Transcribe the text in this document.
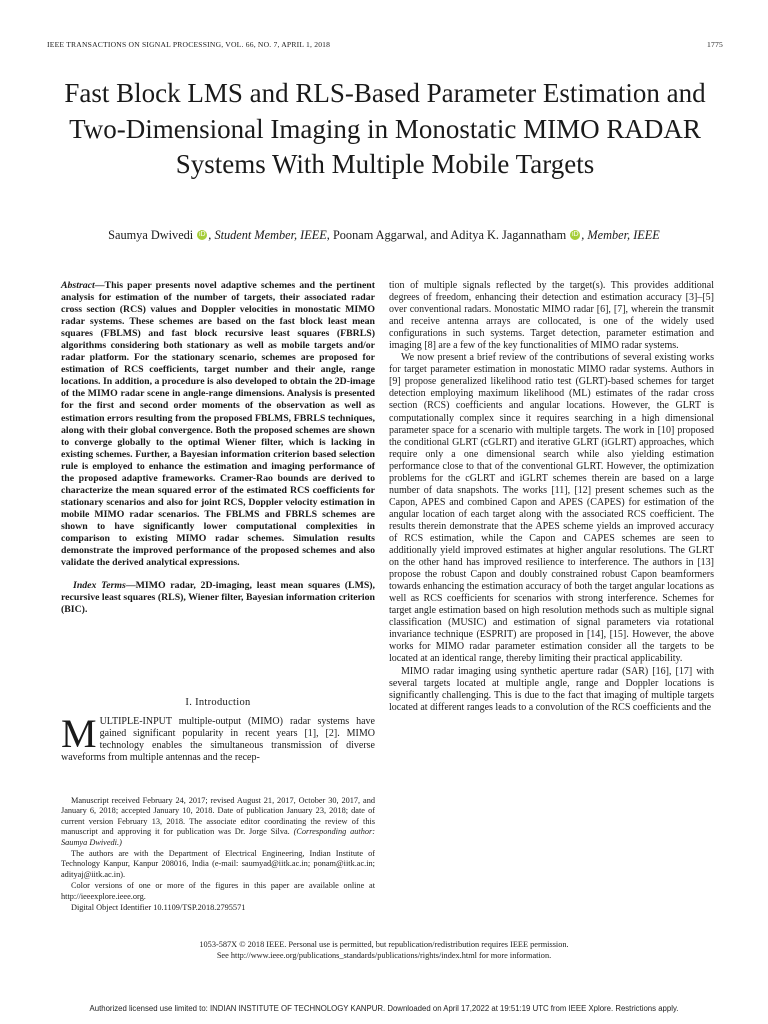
IEEE TRANSACTIONS ON SIGNAL PROCESSING, VOL. 66, NO. 7, APRIL 1, 2018	1775
Fast Block LMS and RLS-Based Parameter Estimation and Two-Dimensional Imaging in Monostatic MIMO RADAR Systems With Multiple Mobile Targets
Saumya Dwivedi iD , Student Member, IEEE, Poonam Aggarwal, and Aditya K. Jagannatham iD , Member, IEEE

Abstract—This paper presents novel adaptive schemes and the pertinent analysis for estimation of the number of targets, their associated radar cross section (RCS) values and Doppler velocities in monostatic MIMO radar systems. These schemes are based on the fast block least mean squares (FBLMS) and fast block recursive least squares (FBRLS) algorithms considering both stationary as well as mobile targets and/or radar platform. For the stationary scenario, schemes are proposed for estimation of RCS coefficients, target number and their angle, range locations. In addition, a procedure is also developed to obtain the 2D-image of the MIMO radar scene in angle-range dimensions. Analysis is presented for the first and second order moments of the observation as well as estimation errors resulting from the proposed FBLMS, FBRLS techniques, along with their global convergence. Both the proposed schemes are shown to converge globally to the optimal Wiener filter, which is lacking in existing schemes. Further, a Bayesian information criterion based selection rule is employed to enhance the estimation and imaging performance of the proposed adaptive frameworks. Cramer-Rao bounds are derived to characterize the mean squared error of the estimated RCS coefficients for stationary scenarios and also for joint RCS, Doppler velocity estimation in mobile MIMO radar scenarios. The FBLMS and FBRLS schemes are shown to have significantly lower computational complexities in comparison to existing MIMO radar schemes. Simulation results demonstrate the improved performance of the proposed schemes and also validate the derived analytical expressions.

Index Terms—MIMO radar, 2D-imaging, least mean squares (LMS), recursive least squares (RLS), Wiener filter, Bayesian information criterion (BIC).

I. Introduction
MULTIPLE-INPUT multiple-output (MIMO) radar systems have gained significant popularity in recent years [1], [2]. MIMO technology enables the simultaneous transmission of diverse waveforms from multiple antennas and the recep-

Manuscript received February 24, 2017; revised August 21, 2017, October 30, 2017, and January 6, 2018; accepted January 10, 2018. Date of publication January 23, 2018; date of current version February 13, 2018. The associate editor coordinating the review of this manuscript and approving it for publication was Dr. Jorge Silva. (Corresponding author: Saumya Dwivedi.)

The authors are with the Department of Electrical Engineering, Indian Institute of Technology Kanpur, Kanpur 208016, India (e-mail: saumyad@iitk.ac.in; ponam@iitk.ac.in; adityaj@iitk.ac.in).

Color versions of one or more of the figures in this paper are available online at http://ieeexplore.ieee.org.

Digital Object Identifier 10.1109/TSP.2018.2795571

tion of multiple signals reflected by the target(s). This provides additional degrees of freedom, enhancing their detection and estimation accuracy [3]–[5] over conventional radars. Monostatic MIMO radar [6], [7], wherein the transmit and receive antenna arrays are collocated, is one of the widely used configurations in such systems. Target detection, parameter estimation and imaging [8] are a few of the key functionalities of MIMO radar systems.

We now present a brief review of the contributions of several existing works for target parameter estimation in monostatic MIMO radar systems. Authors in [9] propose generalized likelihood ratio test (GLRT)-based schemes for target detection employing maximum likelihood (ML) estimates of the radar cross section (RCS) coefficients and angular locations. However, the GLRT is computationally complex since it requires searching in a high dimensional parameter space for a scenario with multiple targets. The work in [10] proposed the conditional GLRT (cGLRT) and iterative GLRT (iGLRT) approaches, which require only a one dimensional search while also yielding estimation performance close to that of the conventional GLRT. However, the optimization problems for the cGLRT and iGLRT schemes therein are based on a large number of data snapshots. The works [11], [12] present schemes such as the Capon, APES and combined Capon and APES (CAPES) for estimation of the angular location of each target along with the associated RCS coefficient. The results therein demonstrate that the APES scheme yields an improved accuracy of RCS estimation, while the Capon and CAPES schemes are seen to additionally yield improved estimates at higher angular resolutions. The GLRT on the other hand has improved resilience to interference. The authors in [13] propose the robust Capon and doubly constrained robust Capon beamformers towards enhancing the estimation accuracy of both the target angular locations as well as RCS coefficients for scenarios with strong interference. Schemes for target angle estimation based on high resolution methods such as multiple signal classification (MUSIC) and estimation of signal parameters via rotational invariance technique (ESPRIT) are proposed in [14], [15]. However, the above works for MIMO radar parameter estimation consider all the targets to be located at an identical range, thereby limiting their practical applicability.

MIMO radar imaging using synthetic aperture radar (SAR) [16], [17] with several targets located at multiple angle, range and Doppler locations is significantly challenging. This is due to the fact that imaging of multiple targets located at different ranges leads to a convolution of the RCS coefficients and the

1053-587X © 2018 IEEE. Personal use is permitted, but republication/redistribution requires IEEE permission.
See http://www.ieee.org/publications_standards/publications/rights/index.html for more information.
Authorized licensed use limited to: INDIAN INSTITUTE OF TECHNOLOGY KANPUR. Downloaded on April 17,2022 at 19:51:19 UTC from IEEE Xplore. Restrictions apply.
